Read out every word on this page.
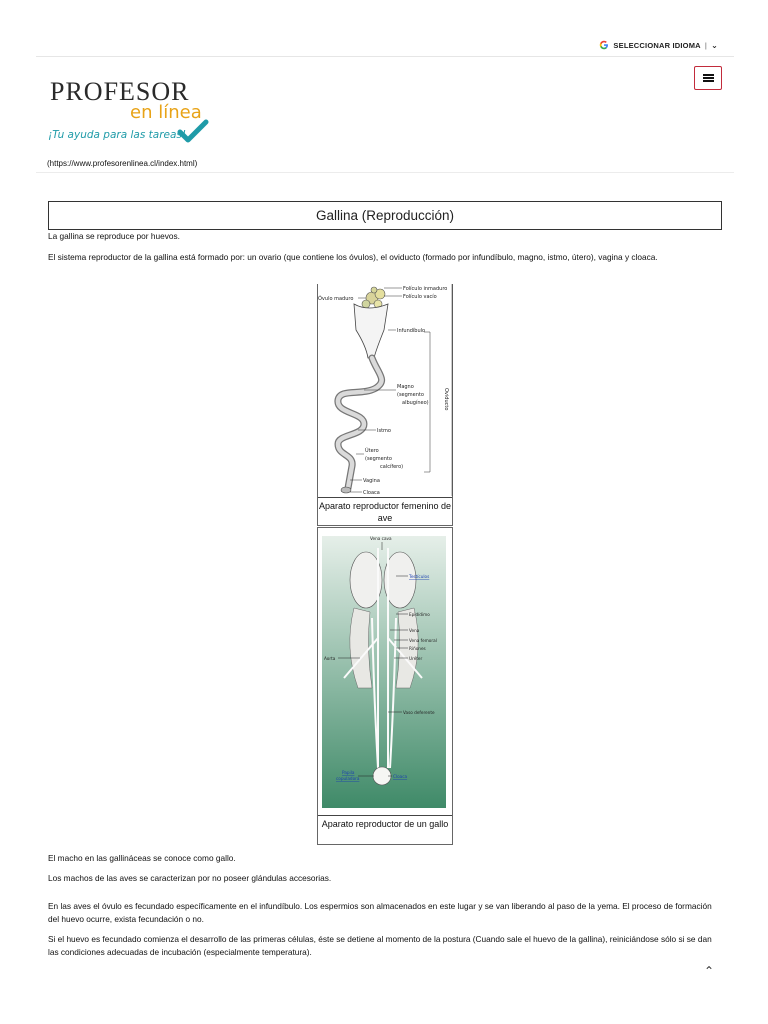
SELECCIONAR IDIOMA | ⌄
PROFESOR
en línea
¡Tu ayuda para las tareas!
(https://www.profesorenlinea.cl/index.html)
Gallina (Reproducción)
La gallina se reproduce por huevos.
El sistema reproductor de la gallina está formado por: un ovario (que contiene los óvulos), el oviducto (formado por infundíbulo, magno, istmo, útero), vagina y cloaca.
Folículo inmaduro
Folículo vacío
Óvulo maduro
Infundíbulo
Magno
(segmento
albugíneo)
Istmo
Útero
(segmento
calcífero)
Vagina
Cloaca
Oviducto
Aparato reproductor femenino de ave
Vena cava
Testículos
Epidídimo
Vena
Vena femoral
Riñones
Uréter
Aorta
Vaso deferente
Papila
copuladora	Cloaca
Aparato reproductor de un gallo
El macho en las gallináceas se conoce como gallo.
Los machos de las aves se caracterizan por no poseer glándulas accesorias.
En las aves el óvulo es fecundado específicamente en el infundíbulo. Los espermios son almacenados en este lugar y se van liberando al paso de la yema. El proceso de formación del huevo ocurre, exista fecundación o no.
Si el huevo es fecundado comienza el desarrollo de las primeras células, éste se detiene al momento de la postura (Cuando sale el huevo de la gallina), reiniciándose sólo si se dan las condiciones adecuadas de incubación (especialmente temperatura).
⌃
